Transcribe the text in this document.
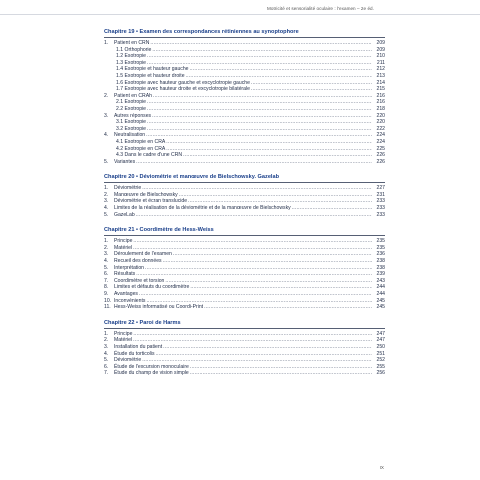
Motricité et sensorialité oculaire : l'examen – 2e éd.
Chapitre 19 • Examen des correspondances rétiniennes au synoptophore
1.	Patient en CRN .....	209
1.1 Orthophorie .....	209
1.2 Esotropie .....	210
1.3 Exotropie .....	211
1.4 Esotropie et hauteur gauche .....	212
1.5 Exotropie et hauteur droite .....	213
1.6 Esotropie avec hauteur gauche et excyclotropie gauche .....	214
1.7 Exotropie avec hauteur droite et excyclotropie bilatérale .....	215
2.	Patient en CRAh .....	216
2.1 Esotropie .....	216
2.2 Exotropie .....	218
3.	Autres réponses .....	220
3.1 Esotropie .....	220
3.2 Exotropie .....	222
4.	Neutralisation .....	224
4.1 Esotropie en CRA .....	224
4.2 Exotropie en CRA .....	225
4.3 Dans le cadre d'une CRN .....	226
5.	Variantes .....	226
Chapitre 20 • Déviométrie et manœuvre de Bielschowsky. Gazelab
1.	Déviométrie .....	227
2.	Manœuvre de Bielschowsky .....	231
3.	Déviométrie et écran translucide .....	233
4.	Limites de la réalisation de la déviométrie et de la manœuvre de Bielschowsky .....	233
5.	GazeLab .....	233
Chapitre 21 • Coordimètre de Hess-Weiss
1.	Principe .....	235
2.	Matériel .....	235
3.	Déroulement de l'examen .....	236
4.	Recueil des données .....	238
5.	Interprétation .....	238
6.	Résultats .....	239
7.	Coordimètre et torsion .....	243
8.	Limites et défauts du coordimètre .....	244
9.	Avantages .....	244
10. Inconvénients .....	245
11. Hess-Weiss informatisé ou Coordi-Print .....	245
Chapitre 22 • Paroi de Harms
1.	Principe .....	247
2.	Matériel .....	247
3.	Installation du patient .....	250
4.	Étude du torticolis .....	251
5.	Déviométrie .....	252
6.	Étude de l'excursion monoculaire .....	255
7.	Étude du champ de vision simple .....	256
IX
